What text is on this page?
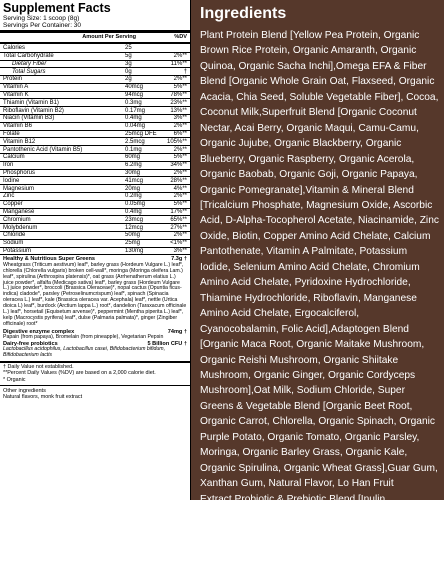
Supplement Facts
Serving Size: 1 scoop (8g)
Servings Per Container: 30
Amount Per Serving	%DV
Calories	25
Total Carbohydrate	5g	2%**
Dietary Fiber	3g	11%**
Total Sugars	0g	†
Protein	2g	2%**
Vitamin A	40mcg	5%**
Vitamin K	94mcg	78%**
Thiamin (Vitamin B1)	0.3mg	23%**
Riboflavin (Vitamin B2)	0.17mg	13%**
Niacin (Vitamin B3)	0.4mg	3%**
Vitamin B6	0.04mg	2%**
Folate	25mcg DFE	6%**
Vitamin B12	2.5mcg	105%**
Pantothenic Acid (Vitamin B5)	0.1mg	2%**
Calcium	60mg	5%**
Iron	6.2mg	34%**
Phosphorus	30mg	2%**
Iodine	41mcg	28%**
Magnesium	20mg	4%**
Zinc	0.2mg	2%**
Copper	0.05mg	5%**
Manganese	0.4mg	17%**
Chromium	23mcg	65%**
Molybdenum	12mcg	27%**
Chloride	50mg	2%**
Sodium	25mg	<1%**
Potassium	130mg	3%**
Healthy & Nutritious Super Greens	7.3g †
Wheatgrass (Triticum aestivum) leaf*, barley grass (Hordeum Vulgare L.) leaf*, chlorella (Chlorella vulgaris) broken cell-wall*, moringa (Moringa oleifera Lam.) leaf*, spirulina (Arthrospira platensis)*, oat grass (Arrhenatherum elatius L.) juice powder*, alfalfa (Medicago sativa) leaf*, barley grass (Hordeum Vulgare L.) juice powder*, broccoli (Brassica Oleraceae)*, nopal cactus (Opuntia ficus-indica) cladode*, parsley (Petroselinumcrispum) leaf*, spinach (Spinacia oleracea L.) leaf*, kale (Brassica oleracea var. Acephala) leaf*, nettle (Urtica dioica L) leaf*, burdock (Arctium lappa L.) root*, dandelion (Taraxacum officinale L.) leaf*, horsetail (Equisetum arvense)*, peppermint (Mentha piperita L.) leaf*, kelp (Macrocystis pyrifera) leaf*, dulse (Palmaria palmata)*, ginger (Zingiber officinale) root*
Digestive enzyme complex	74mg †
Papain (from papaya), Bromelain (from pineapple), Vegetarian Pepsin
Dairy-free probiotics	5 Billion CFU †
Lactobacillus acidophilus, Lactobacillus casei, Bifidobacterium bifidum, Bifidobacterium lactis
† Daily Value not established.
**Percent Daily Values (%DV) are based on a 2,000 calorie diet.
* Organic
Other ingredients
Natural flavors, monk fruit extract
Ingredients

Plant Protein Blend [Yellow Pea Protein, Organic Brown Rice Protein, Organic Amaranth, Organic Quinoa, Organic Sacha Inchi],Omega EFA & Fiber Blend [Organic Whole Grain Oat, Flaxseed, Organic Acacia, Chia Seed, Soluble Vegetable Fiber], Cocoa, Coconut Milk,Superfruit Blend [Organic Coconut Nectar, Acai Berry, Organic Maqui, Camu-Camu, Organic Jujube, Organic Blackberry, Organic Blueberry, Organic Raspberry, Organic Acerola, Organic Baobab, Organic Goji, Organic Papaya, Organic Pomegranate],Vitamin & Mineral Blend [Tricalcium Phosphate, Magnesium Oxide, Ascorbic Acid, D-Alpha-Tocopherol Acetate, Niacinamide, Zinc Oxide, Biotin, Copper Amino Acid Chelate, Calcium Pantothenate, Vitamin A Palmitate, Potassium Iodide, Selenium Amino Acid Chelate, Chromium Amino Acid Chelate, Pyridoxine Hydrochloride, Thiamine Hydrochloride, Riboflavin, Manganese Amino Acid Chelate, Ergocalciferol, Cyanocobalamin, Folic Acid],Adaptogen Blend [Organic Maca Root, Organic Maitake Mushroom, Organic Reishi Mushroom, Organic Shiitake Mushroom, Organic Ginger, Organic Cordyceps Mushroom],Oat Milk, Sodium Chloride, Super Greens & Vegetable Blend [Organic Beet Root, Organic Carrot, Chlorella, Organic Spinach, Organic Purple Potato, Organic Tomato, Organic Parsley, Moringa, Organic Barley Grass, Organic Kale, Organic Spirulina, Organic Wheat Grass],Guar Gum, Xanthan Gum, Natural Flavor, Lo Han Fruit Extract,Probiotic & Prebiotic Blend [Inulin, Lactobacillus rhamnosus Lrha51™, Lactobacillus acidophilus UALa-01™],Digestive Enzyme Blend [Amylase, Protease, Cellulase, Lactase, Lipase], Cinnamon.
